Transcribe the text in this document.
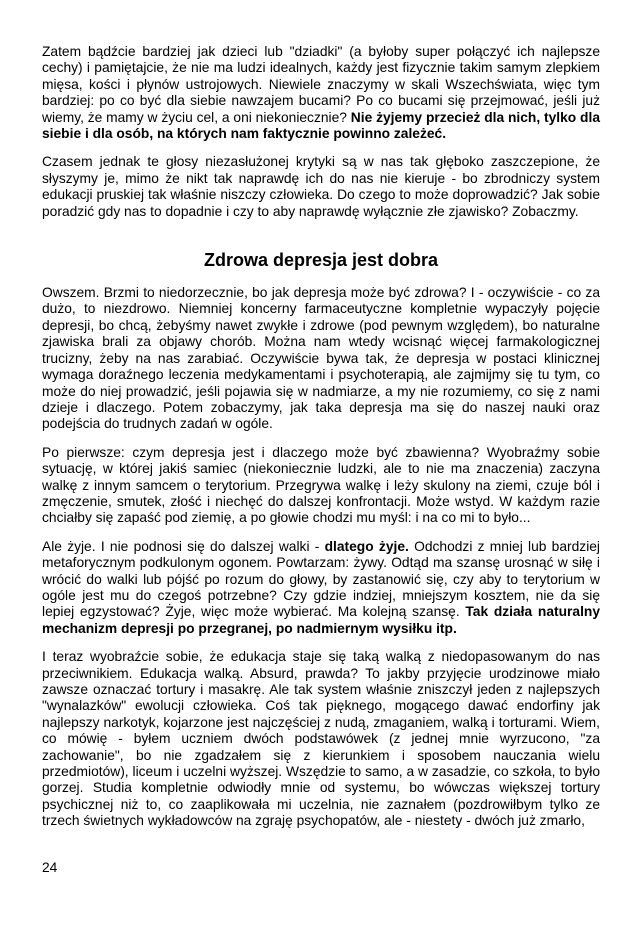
Zatem bądźcie bardziej jak dzieci lub "dziadki" (a byłoby super połączyć ich najlepsze cechy) i pamiętajcie, że nie ma ludzi idealnych, każdy jest fizycznie takim samym zlepkiem mięsa, kości i płynów ustrojowych. Niewiele znaczymy w skali Wszechświata, więc tym bardziej: po co być dla siebie nawzajem bucami? Po co bucami się przejmować, jeśli już wiemy, że mamy w życiu cel, a oni niekoniecznie? Nie żyjemy przecież dla nich, tylko dla siebie i dla osób, na których nam faktycznie powinno zależeć.

Czasem jednak te głosy niezasłużonej krytyki są w nas tak głęboko zaszczepione, że słyszymy je, mimo że nikt tak naprawdę ich do nas nie kieruje - bo zbrodniczy system edukacji pruskiej tak właśnie niszczy człowieka. Do czego to może doprowadzić? Jak sobie poradzić gdy nas to dopadnie i czy to aby naprawdę wyłącznie złe zjawisko? Zobaczmy.

Zdrowa depresja jest dobra

Owszem. Brzmi to niedorzecznie, bo jak depresja może być zdrowa? I - oczywiście - co za dużo, to niezdrowo. Niemniej koncerny farmaceutyczne kompletnie wypaczyły pojęcie depresji, bo chcą, żebyśmy nawet zwykłe i zdrowe (pod pewnym względem), bo naturalne zjawiska brali za objawy chorób. Można nam wtedy wcisnąć więcej farmakologicznej trucizny, żeby na nas zarabiać. Oczywiście bywa tak, że depresja w postaci klinicznej wymaga doraźnego leczenia medykamentami i psychoterapią, ale zajmijmy się tu tym, co może do niej prowadzić, jeśli pojawia się w nadmiarze, a my nie rozumiemy, co się z nami dzieje i dlaczego. Potem zobaczymy, jak taka depresja ma się do naszej nauki oraz podejścia do trudnych zadań w ogóle.

Po pierwsze: czym depresja jest i dlaczego może być zbawienna? Wyobraźmy sobie sytuację, w której jakiś samiec (niekoniecznie ludzki, ale to nie ma znaczenia) zaczyna walkę z innym samcem o terytorium. Przegrywa walkę i leży skulony na ziemi, czuje ból i zmęczenie, smutek, złość i niechęć do dalszej konfrontacji. Może wstyd. W każdym razie chciałby się zapaść pod ziemię, a po głowie chodzi mu myśl: i na co mi to było...

Ale żyje. I nie podnosi się do dalszej walki - dlatego żyje. Odchodzi z mniej lub bardziej metaforycznym podkulonym ogonem. Powtarzam: żywy. Odtąd ma szansę urosnąć w siłę i wrócić do walki lub pójść po rozum do głowy, by zastanowić się, czy aby to terytorium w ogóle jest mu do czegoś potrzebne? Czy gdzie indziej, mniejszym kosztem, nie da się lepiej egzystować? Żyje, więc może wybierać. Ma kolejną szansę. Tak działa naturalny mechanizm depresji po przegranej, po nadmiernym wysiłku itp.

I teraz wyobraźcie sobie, że edukacja staje się taką walką z niedopasowanym do nas przeciwnikiem. Edukacja walką. Absurd, prawda? To jakby przyjęcie urodzinowe miało zawsze oznaczać tortury i masakrę. Ale tak system właśnie zniszczył jeden z najlepszych "wynalazków" ewolucji człowieka. Coś tak pięknego, mogącego dawać endorfiny jak najlepszy narkotyk, kojarzone jest najczęściej z nudą, zmaganiem, walką i torturami. Wiem, co mówię - byłem uczniem dwóch podstawówek (z jednej mnie wyrzucono, "za zachowanie", bo nie zgadzałem się z kierunkiem i sposobem nauczania wielu przedmiotów), liceum i uczelni wyższej. Wszędzie to samo, a w zasadzie, co szkoła, to było gorzej. Studia kompletnie odwiodły mnie od systemu, bo wówczas większej tortury psychicznej niż to, co zaaplikowała mi uczelnia, nie zaznałem (pozdrowiłbym tylko ze trzech świetnych wykładowców na zgraję psychopatów, ale - niestety - dwóch już zmarło,

24
